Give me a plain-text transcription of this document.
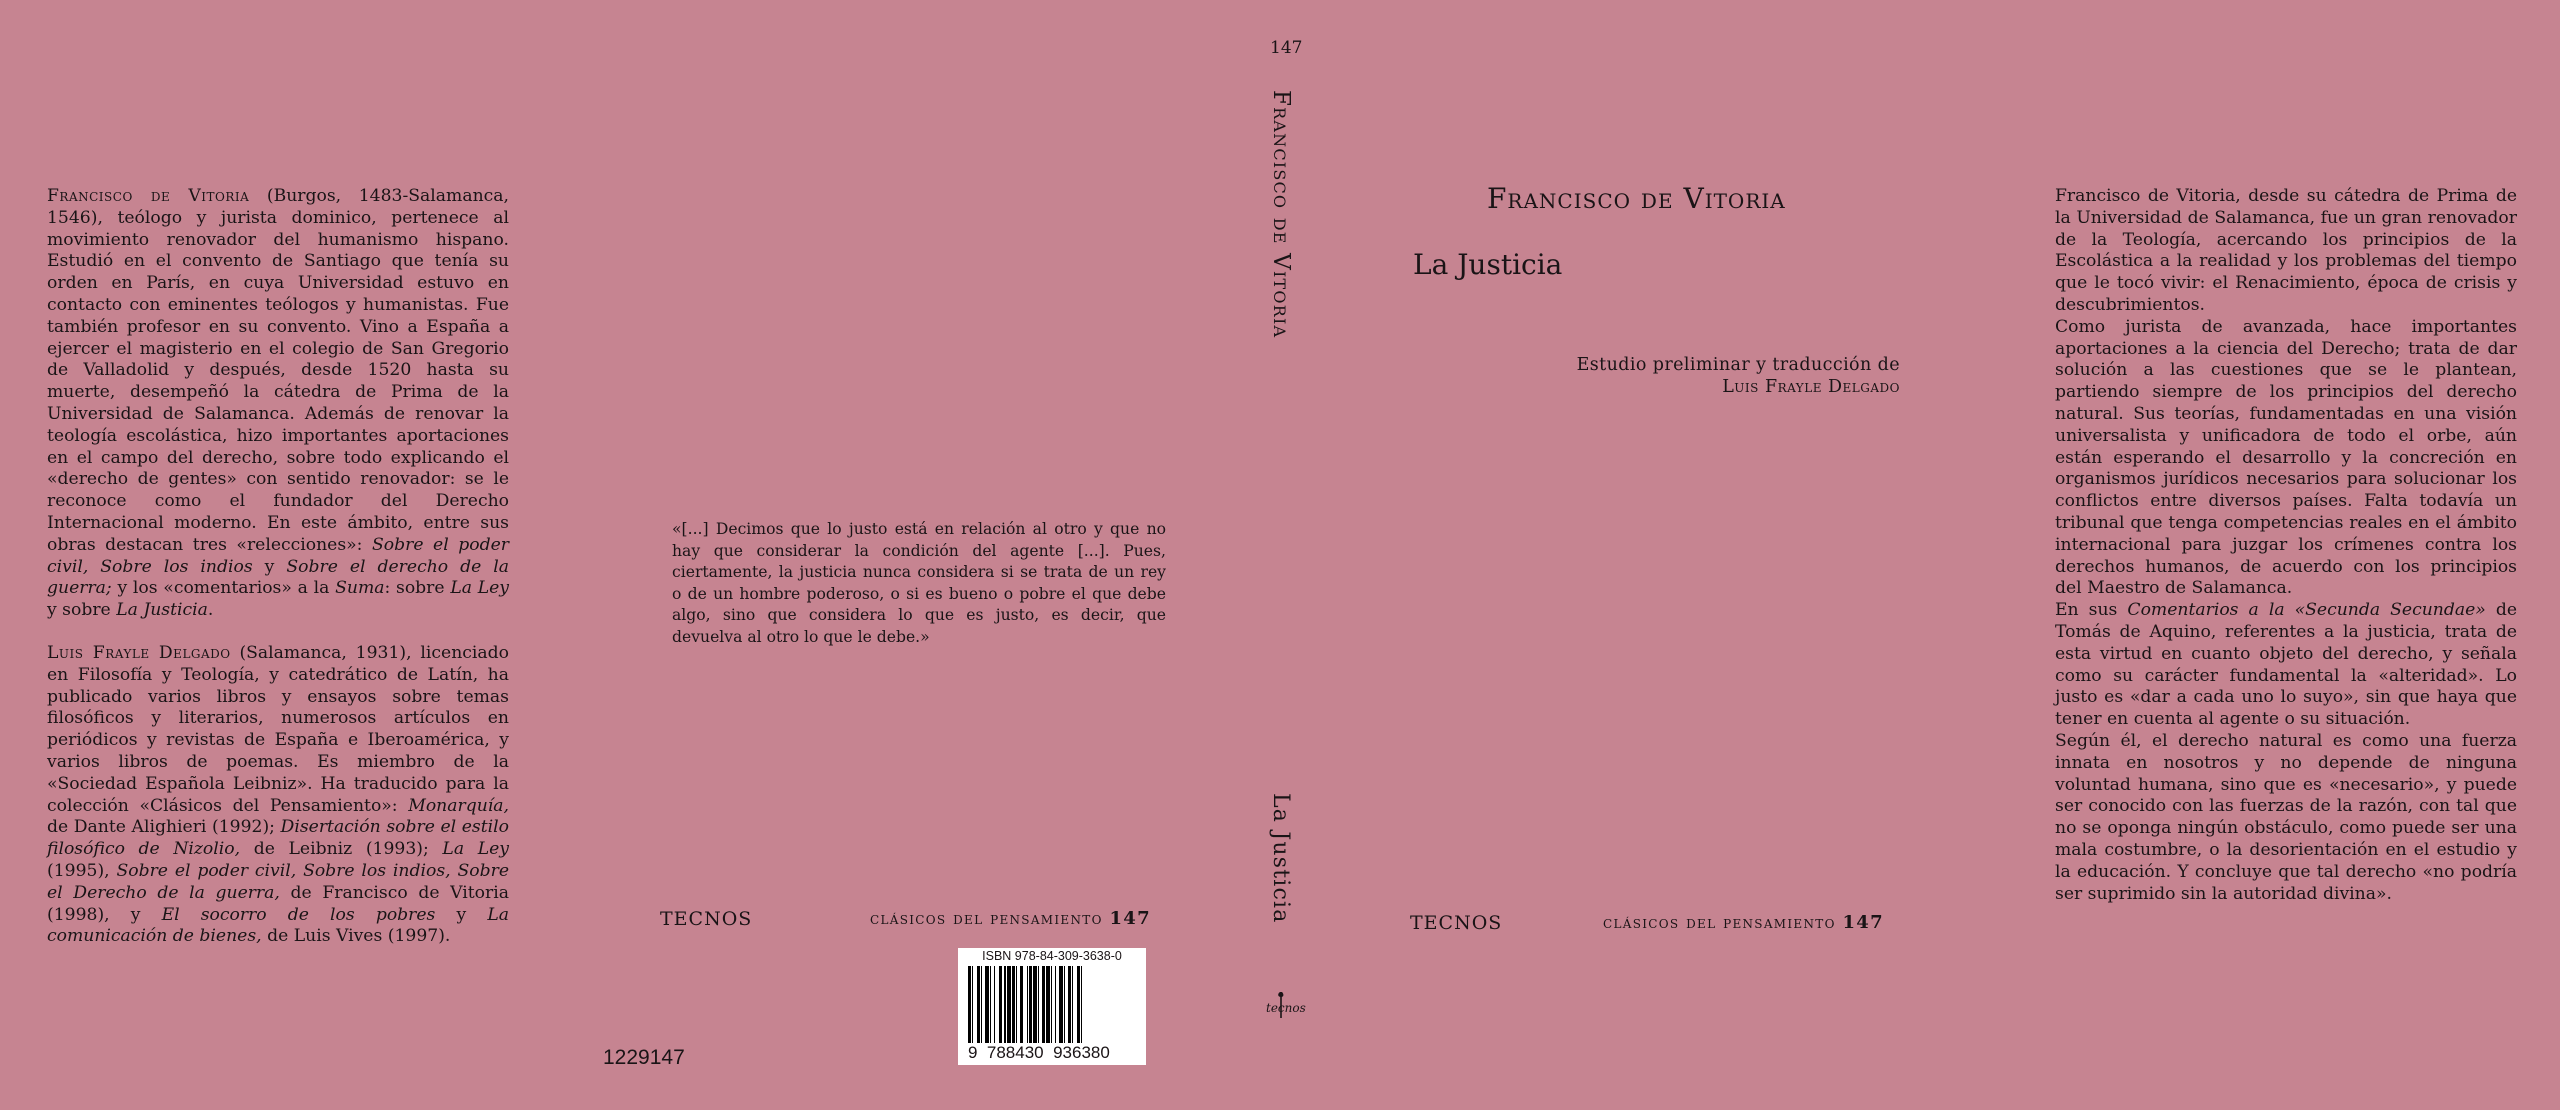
Francisco de Vitoria (Burgos, 1483-Salamanca, 1546), teólogo y jurista dominico, pertenece al movimiento renovador del humanismo hispano. Estudió en el convento de Santiago que tenía su orden en París, en cuya Universidad estuvo en contacto con eminentes teólogos y humanistas. Fue también profesor en su convento. Vino a España a ejercer el magisterio en el colegio de San Gregorio de Valladolid y después, desde 1520 hasta su muerte, desempeñó la cátedra de Prima de la Universidad de Salamanca. Además de renovar la teología escolástica, hizo importantes aportaciones en el campo del derecho, sobre todo explicando el «derecho de gentes» con sentido renovador: se le reconoce como el fundador del Derecho Internacional moderno. En este ámbito, entre sus obras destacan tres «relecciones»: Sobre el poder civil, Sobre los indios y Sobre el derecho de la guerra; y los «comentarios» a la Suma: sobre La Ley y sobre La Justicia.

Luis Frayle Delgado (Salamanca, 1931), licenciado en Filosofía y Teología, y catedrático de Latín, ha publicado varios libros y ensayos sobre temas filosóficos y literarios, numerosos artículos en periódicos y revistas de España e Iberoamérica, y varios libros de poemas. Es miembro de la «Sociedad Española Leibniz». Ha traducido para la colección «Clásicos del Pensamiento»: Monarquía, de Dante Alighieri (1992); Disertación sobre el estilo filosófico de Nizolio, de Leibniz (1993); La Ley (1995), Sobre el poder civil, Sobre los indios, Sobre el Derecho de la guerra, de Francisco de Vitoria (1998), y El socorro de los pobres y La comunicación de bienes, de Luis Vives (1997).

«[...] Decimos que lo justo está en relación al otro y que no hay que considerar la condición del agente [...]. Pues, ciertamente, la justicia nunca considera si se trata de un rey o de un hombre poderoso, o si es bueno o pobre el que debe algo, sino que considera lo que es justo, es decir, que devuelva al otro lo que le debe.»
TECNOS	clásicos del pensamiento 147
ISBN 978-84-309-3638-0
9  788430  936380
1229147
147
Francisco de Vitoria
La Justicia
tecnos
Francisco de Vitoria
La Justicia
Estudio preliminar y traducción de
Luis Frayle Delgado
TECNOS	clásicos del pensamiento 147

Francisco de Vitoria, desde su cátedra de Prima de la Universidad de Salamanca, fue un gran renovador de la Teología, acercando los principios de la Escolástica a la realidad y los problemas del tiempo que le tocó vivir: el Renacimiento, época de crisis y descubrimientos.

Como jurista de avanzada, hace importantes aportaciones a la ciencia del Derecho; trata de dar solución a las cuestiones que se le plantean, partiendo siempre de los principios del derecho natural. Sus teorías, fundamentadas en una visión universalista y unificadora de todo el orbe, aún están esperando el desarrollo y la concreción en organismos jurídicos necesarios para solucionar los conflictos entre diversos países. Falta todavía un tribunal que tenga competencias reales en el ámbito internacional para juzgar los crímenes contra los derechos humanos, de acuerdo con los principios del Maestro de Salamanca.

En sus Comentarios a la «Secunda Secundae» de Tomás de Aquino, referentes a la justicia, trata de esta virtud en cuanto objeto del derecho, y señala como su carácter fundamental la «alteridad». Lo justo es «dar a cada uno lo suyo», sin que haya que tener en cuenta al agente o su situación.

Según él, el derecho natural es como una fuerza innata en nosotros y no depende de ninguna voluntad humana, sino que es «necesario», y puede ser conocido con las fuerzas de la razón, con tal que no se oponga ningún obstáculo, como puede ser una mala costumbre, o la desorientación en el estudio y la educación. Y concluye que tal derecho «no podría ser suprimido sin la autoridad divina».
